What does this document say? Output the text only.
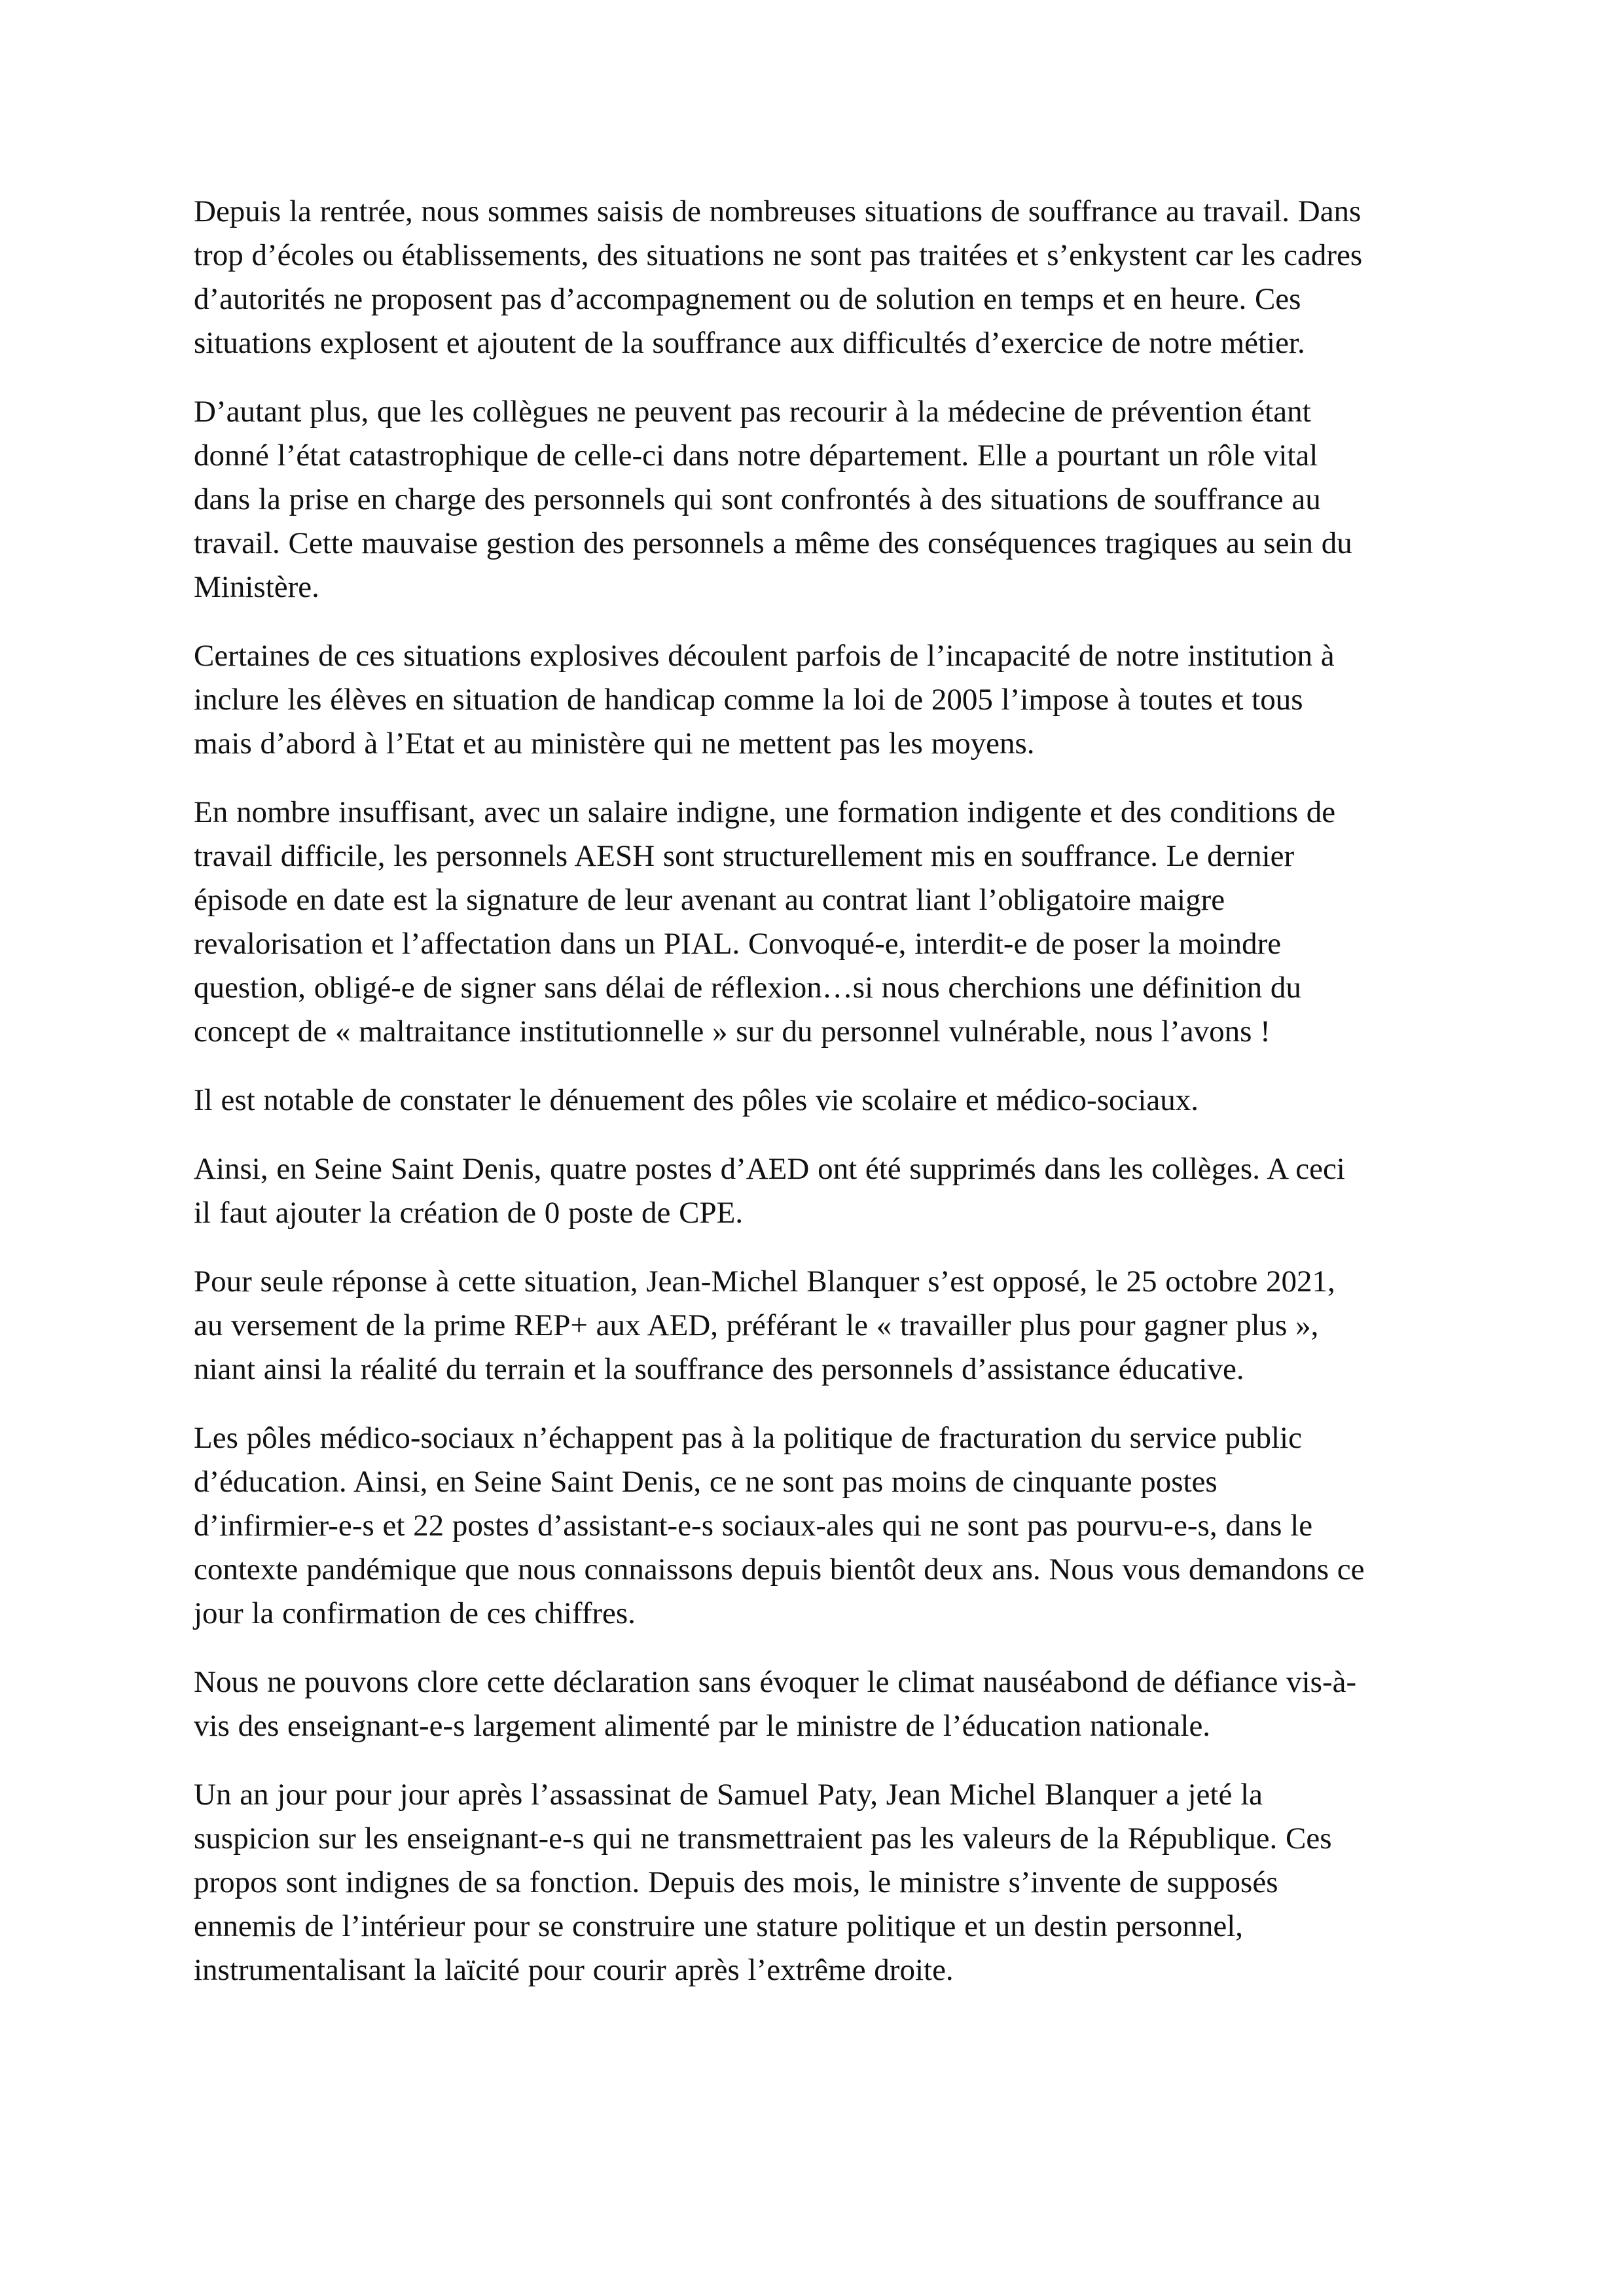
Depuis la rentrée, nous sommes saisis de nombreuses situations de souffrance au travail. Dans
trop d’écoles ou établissements, des situations ne sont pas traitées et s’enkystent car les cadres
d’autorités ne proposent pas d’accompagnement ou de solution en temps et en heure. Ces
situations explosent et ajoutent de la souffrance aux difficultés d’exercice de notre métier.

D’autant plus, que les collègues ne peuvent pas recourir à la médecine de prévention étant
donné l’état catastrophique de celle-ci dans notre département. Elle a pourtant un rôle vital
dans la prise en charge des personnels qui sont confrontés à des situations de souffrance au
travail. Cette mauvaise gestion des personnels a même des conséquences tragiques au sein du
Ministère.

Certaines de ces situations explosives découlent parfois de l’incapacité de notre institution à
inclure les élèves en situation de handicap comme la loi de 2005 l’impose à toutes et tous
mais d’abord à l’Etat et au ministère qui ne mettent pas les moyens.

En nombre insuffisant, avec un salaire indigne, une formation indigente et des conditions de
travail difficile, les personnels AESH sont structurellement mis en souffrance. Le dernier
épisode en date est la signature de leur avenant au contrat liant l’obligatoire maigre
revalorisation et l’affectation dans un PIAL. Convoqué-e, interdit-e de poser la moindre
question, obligé-e de signer sans délai de réflexion…si nous cherchions une définition du
concept de « maltraitance institutionnelle » sur du personnel vulnérable, nous l’avons !

Il est notable de constater le dénuement des pôles vie scolaire et médico-sociaux.

Ainsi, en Seine Saint Denis, quatre postes d’AED ont été supprimés dans les collèges. A ceci
il faut ajouter la création de 0 poste de CPE.

Pour seule réponse à cette situation, Jean-Michel Blanquer s’est opposé, le 25 octobre 2021,
au versement de la prime REP+ aux AED, préférant le « travailler plus pour gagner plus »,
niant ainsi la réalité du terrain et la souffrance des personnels d’assistance éducative.

Les pôles médico-sociaux n’échappent pas à la politique de fracturation du service public
d’éducation. Ainsi, en Seine Saint Denis, ce ne sont pas moins de cinquante postes
d’infirmier-e-s et 22 postes d’assistant-e-s sociaux-ales qui ne sont pas pourvu-e-s, dans le
contexte pandémique que nous connaissons depuis bientôt deux ans. Nous vous demandons ce
jour la confirmation de ces chiffres.

Nous ne pouvons clore cette déclaration sans évoquer le climat nauséabond de défiance vis-à-
vis des enseignant-e-s largement alimenté par le ministre de l’éducation nationale.

Un an jour pour jour après l’assassinat de Samuel Paty, Jean Michel Blanquer a jeté la
suspicion sur les enseignant-e-s qui ne transmettraient pas les valeurs de la République. Ces
propos sont indignes de sa fonction. Depuis des mois, le ministre s’invente de supposés
ennemis de l’intérieur pour se construire une stature politique et un destin personnel,
instrumentalisant la laïcité pour courir après l’extrême droite.
